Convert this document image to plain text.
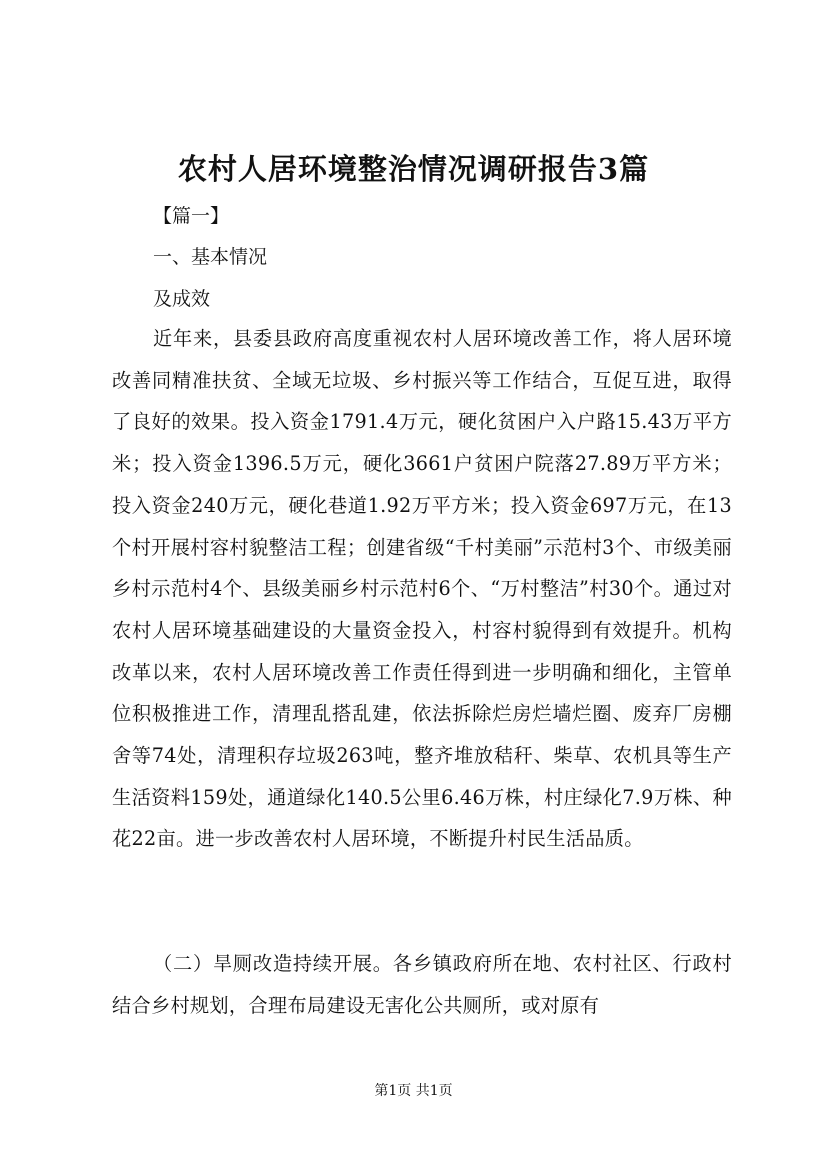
农村人居环境整治情况调研报告3篇
【篇一】
一、基本情况
及成效
近年来，县委县政府高度重视农村人居环境改善工作，将人居环境改善同精准扶贫、全域无垃圾、乡村振兴等工作结合，互促互进，取得了良好的效果。投入资金1791.4万元，硬化贫困户入户路15.43万平方米；投入资金1396.5万元，硬化3661户贫困户院落27.89万平方米；投入资金240万元，硬化巷道1.92万平方米；投入资金697万元，在13个村开展村容村貌整洁工程；创建省级“千村美丽”示范村3个、市级美丽乡村示范村4个、县级美丽乡村示范村6个、“万村整洁”村30个。通过对农村人居环境基础建设的大量资金投入，村容村貌得到有效提升。机构改革以来，农村人居环境改善工作责任得到进一步明确和细化，主管单位积极推进工作，清理乱搭乱建，依法拆除烂房烂墙烂圈、废弃厂房棚舍等74处，清理积存垃圾263吨，整齐堆放秸秆、柴草、农机具等生产生活资料159处，通道绿化140.5公里6.46万株，村庄绿化7.9万株、种花22亩。进一步改善农村人居环境，不断提升村民生活品质。
（二）旱厕改造持续开展。各乡镇政府所在地、农村社区、行政村结合乡村规划，合理布局建设无害化公共厕所，或对原有
第1页 共1页
